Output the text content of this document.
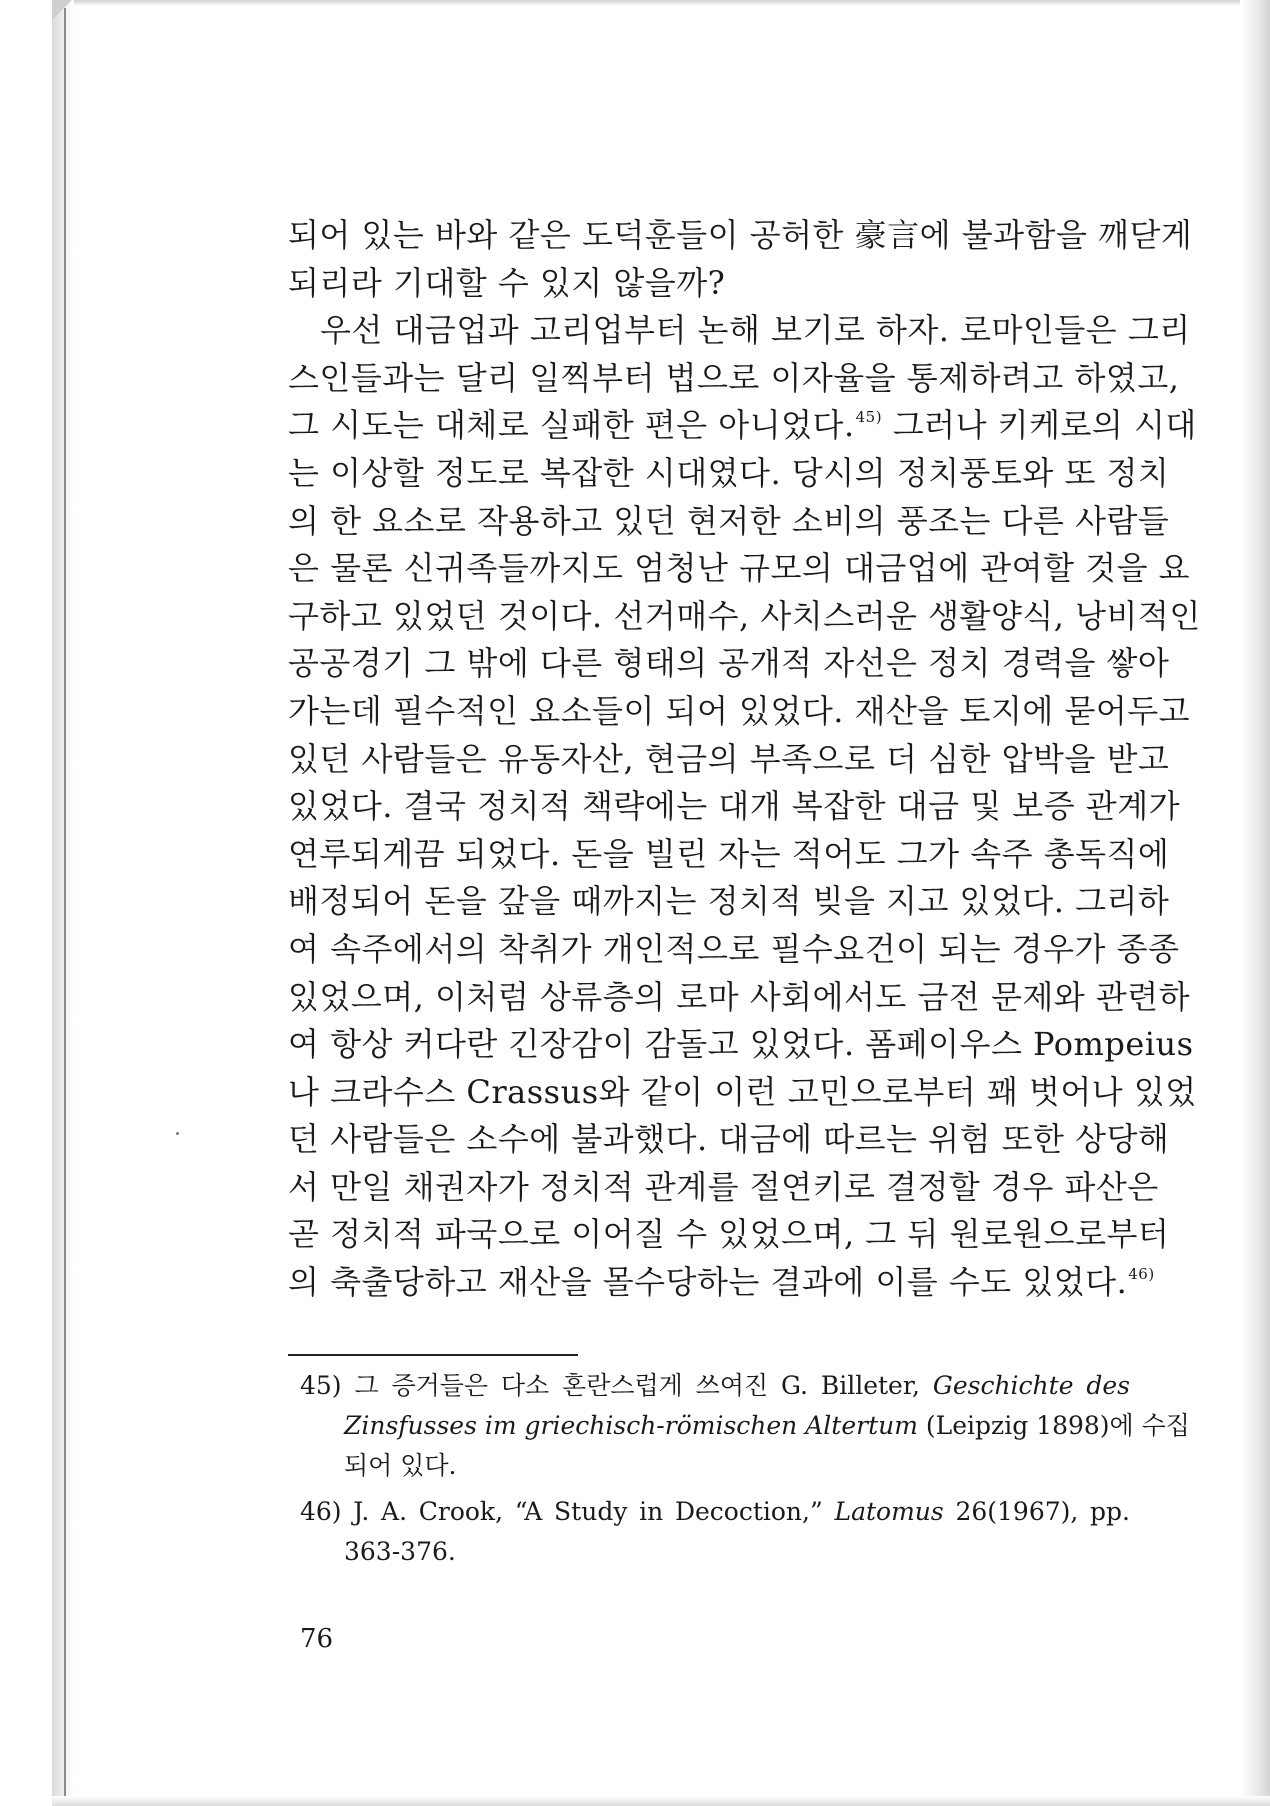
되어 있는 바와 같은 도덕훈들이 공허한 豪言에 불과함을 깨닫게
되리라 기대할 수 있지 않을까?
우선 대금업과 고리업부터 논해 보기로 하자. 로마인들은 그리
스인들과는 달리 일찍부터 법으로 이자율을 통제하려고 하였고,
그 시도는 대체로 실패한 편은 아니었다.$^{45)}$ 그러나 키케로의 시대
는 이상할 정도로 복잡한 시대였다. 당시의 정치풍토와 또 정치
의 한 요소로 작용하고 있던 현저한 소비의 풍조는 다른 사람들
은 물론 신귀족들까지도 엄청난 규모의 대금업에 관여할 것을 요
구하고 있었던 것이다. 선거매수, 사치스러운 생활양식, 낭비적인
공공경기 그 밖에 다른 형태의 공개적 자선은 정치 경력을 쌓아
가는데 필수적인 요소들이 되어 있었다. 재산을 토지에 묻어두고
있던 사람들은 유동자산, 현금의 부족으로 더 심한 압박을 받고
있었다. 결국 정치적 책략에는 대개 복잡한 대금 및 보증 관계가
연루되게끔 되었다. 돈을 빌린 자는 적어도 그가 속주 총독직에
배정되어 돈을 갚을 때까지는 정치적 빚을 지고 있었다. 그리하
여 속주에서의 착취가 개인적으로 필수요건이 되는 경우가 종종
있었으며, 이처럼 상류층의 로마 사회에서도 금전 문제와 관련하
여 항상 커다란 긴장감이 감돌고 있었다. 폼페이우스 Pompeius
나 크라수스 Crassus와 같이 이런 고민으로부터 꽤 벗어나 있었
던 사람들은 소수에 불과했다. 대금에 따르는 위험 또한 상당해
서 만일 채권자가 정치적 관계를 절연키로 결정할 경우 파산은
곧 정치적 파국으로 이어질 수 있었으며, 그 뒤 원로원으로부터
의 축출당하고 재산을 몰수당하는 결과에 이를 수도 있었다.$^{46)}$
45) 그 증거들은 다소 혼란스럽게 쓰여진 G. Billeter, Geschichte des
Zinsfusses im griechisch-römischen Altertum (Leipzig 1898)에 수집
되어 있다.
46) J. A. Crook, “A Study in Decoction,” Latomus 26(1967), pp.
363-376.
76
